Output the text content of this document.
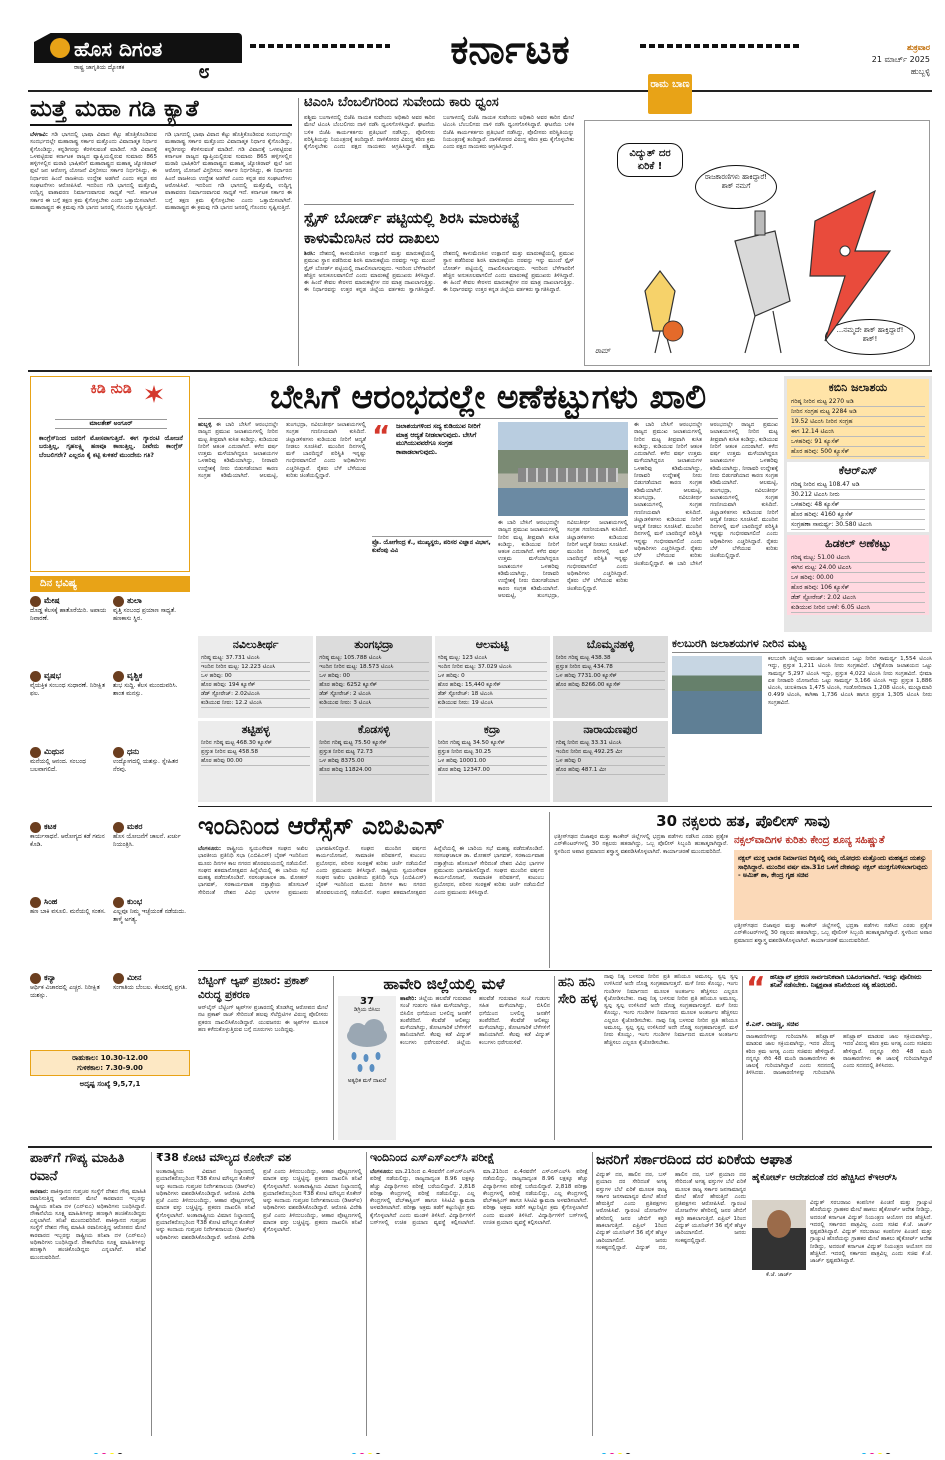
ಹೊಸ ದಿಗಂತ
ರಾಷ್ಟ್ರ ಜಾಗೃತಿಯ ದ್ಯೋತಕ	೮	ಕರ್ನಾಟಕ	ಶುಕ್ರವಾರ
21 ಮಾರ್ಚ್ 2025
ಹುಬ್ಬಳ್ಳಿ
ಮತ್ತೆ ಮಹಾ ಗಡಿ ಕ್ಯಾತೆ
ಬೆಳಗಾವಿ: ಗಡಿ ಭಾಗದಲ್ಲಿ ಭಾಷಾ ವಿವಾದ ಕೆಟ್ಟು ಹೊತ್ತಿಕೊಂಡಿರುವ ಸಂದರ್ಭದಲ್ಲೇ ಮಹಾರಾಷ್ಟ್ರ ಸರ್ಕಾರ ಮತ್ತೊಂದು ವಿವಾದಾತ್ಮಕ ನಿರ್ಧಾರ ಕೈಗೊಂಡಿದ್ದು, ಕನ್ನಡಿಗರನ್ನು ಕೆರಳಿಸುವಂತೆ ಮಾಡಿದೆ. ಗಡಿ ವಿವಾದಕ್ಕೆ ಒಳಪಟ್ಟಿರುವ ಕರ್ನಾಟಕ ರಾಜ್ಯದ ವ್ಯಾಪ್ತಿಯಲ್ಲಿರುವ ಸುಮಾರು 865 ಹಳ್ಳಿಗಳಲ್ಲಿನ ಮರಾಠಿ ಭಾಷಿಕರಿಗೆ ಮಹಾರಾಷ್ಟ್ರದ ಮಹಾತ್ಮ ಜ್ಯೋತಿರಾವ್ ಫುಲೆ ಜನ ಆರೋಗ್ಯ ಯೋಜನೆ ವಿಸ್ತರಿಸಲು ಸರ್ಕಾರ ನಿರ್ಧರಿಸಿದ್ದು, ಈ ನಿರ್ಧಾರದ ಹಿಂದೆ ರಾಜಕೀಯ ಉದ್ದೇಶ ಅಡಗಿದೆ ಎಂದು ಕನ್ನಡ ಪರ ಸಂಘಟನೆಗಳು ಆರೋಪಿಸಿವೆ. ಇದರಿಂದ ಗಡಿ ಭಾಗದಲ್ಲಿ ಮತ್ತೊಮ್ಮೆ ಉದ್ವಿಗ್ನ ವಾತಾವರಣ ನಿರ್ಮಾಣವಾಗುವ ಸಾಧ್ಯತೆ ಇದೆ. ಕರ್ನಾಟಕ ಸರ್ಕಾರ ಈ ಬಗ್ಗೆ ತಕ್ಷಣ ಕ್ರಮ ಕೈಗೊಳ್ಳಬೇಕು ಎಂದು ಒತ್ತಾಯಿಸಲಾಗಿದೆ. ಮಹಾರಾಷ್ಟ್ರದ ಈ ಕ್ರಮವು ಗಡಿ ಭಾಗದ ಜನರಲ್ಲಿ ಗೊಂದಲ ಸೃಷ್ಟಿಸುತ್ತಿದೆ. ಗಡಿ ಭಾಗದಲ್ಲಿ ಭಾಷಾ ವಿವಾದ ಕೆಟ್ಟು ಹೊತ್ತಿಕೊಂಡಿರುವ ಸಂದರ್ಭದಲ್ಲೇ ಮಹಾರಾಷ್ಟ್ರ ಸರ್ಕಾರ ಮತ್ತೊಂದು ವಿವಾದಾತ್ಮಕ ನಿರ್ಧಾರ ಕೈಗೊಂಡಿದ್ದು, ಕನ್ನಡಿಗರನ್ನು ಕೆರಳಿಸುವಂತೆ ಮಾಡಿದೆ. ಗಡಿ ವಿವಾದಕ್ಕೆ ಒಳಪಟ್ಟಿರುವ ಕರ್ನಾಟಕ ರಾಜ್ಯದ ವ್ಯಾಪ್ತಿಯಲ್ಲಿರುವ ಸುಮಾರು 865 ಹಳ್ಳಿಗಳಲ್ಲಿನ ಮರಾಠಿ ಭಾಷಿಕರಿಗೆ ಮಹಾರಾಷ್ಟ್ರದ ಮಹಾತ್ಮ ಜ್ಯೋತಿರಾವ್ ಫುಲೆ ಜನ ಆರೋಗ್ಯ ಯೋಜನೆ ವಿಸ್ತರಿಸಲು ಸರ್ಕಾರ ನಿರ್ಧರಿಸಿದ್ದು, ಈ ನಿರ್ಧಾರದ ಹಿಂದೆ ರಾಜಕೀಯ ಉದ್ದೇಶ ಅಡಗಿದೆ ಎಂದು ಕನ್ನಡ ಪರ ಸಂಘಟನೆಗಳು ಆರೋಪಿಸಿವೆ. ಇದರಿಂದ ಗಡಿ ಭಾಗದಲ್ಲಿ ಮತ್ತೊಮ್ಮೆ ಉದ್ವಿಗ್ನ ವಾತಾವರಣ ನಿರ್ಮಾಣವಾಗುವ ಸಾಧ್ಯತೆ ಇದೆ. ಕರ್ನಾಟಕ ಸರ್ಕಾರ ಈ ಬಗ್ಗೆ ತಕ್ಷಣ ಕ್ರಮ ಕೈಗೊಳ್ಳಬೇಕು ಎಂದು ಒತ್ತಾಯಿಸಲಾಗಿದೆ. ಮಹಾರಾಷ್ಟ್ರದ ಈ ಕ್ರಮವು ಗಡಿ ಭಾಗದ ಜನರಲ್ಲಿ ಗೊಂದಲ ಸೃಷ್ಟಿಸುತ್ತಿದೆ.
ಟಿಎಂಸಿ ಬೆಂಬಲಿಗರಿಂದ ಸುವೇಂದು ಕಾರು ಧ್ವಂಸ
ಪಶ್ಚಿಮ ಬಂಗಾಳದಲ್ಲಿ ಬಿಜೆಪಿ ನಾಯಕ ಸುವೇಂದು ಅಧಿಕಾರಿ ಅವರ ಕಾರಿನ ಮೇಲೆ ಟಿಎಂಸಿ ಬೆಂಬಲಿಗರು ದಾಳಿ ನಡೆಸಿ ಧ್ವಂಸಗೊಳಿಸಿದ್ದಾರೆ. ಘಟನೆಯ ಬಳಿಕ ಬಿಜೆಪಿ ಕಾರ್ಯಕರ್ತರು ಪ್ರತಿಭಟನೆ ನಡೆಸಿದ್ದು, ಪೊಲೀಸರು ಪರಿಸ್ಥಿತಿಯನ್ನು ನಿಯಂತ್ರಣಕ್ಕೆ ತಂದಿದ್ದಾರೆ. ದಾಳಿಕೋರರ ವಿರುದ್ಧ ಕಠಿಣ ಕ್ರಮ ಕೈಗೊಳ್ಳಬೇಕು ಎಂದು ಪಕ್ಷದ ನಾಯಕರು ಆಗ್ರಹಿಸಿದ್ದಾರೆ. ಪಶ್ಚಿಮ ಬಂಗಾಳದಲ್ಲಿ ಬಿಜೆಪಿ ನಾಯಕ ಸುವೇಂದು ಅಧಿಕಾರಿ ಅವರ ಕಾರಿನ ಮೇಲೆ ಟಿಎಂಸಿ ಬೆಂಬಲಿಗರು ದಾಳಿ ನಡೆಸಿ ಧ್ವಂಸಗೊಳಿಸಿದ್ದಾರೆ. ಘಟನೆಯ ಬಳಿಕ ಬಿಜೆಪಿ ಕಾರ್ಯಕರ್ತರು ಪ್ರತಿಭಟನೆ ನಡೆಸಿದ್ದು, ಪೊಲೀಸರು ಪರಿಸ್ಥಿತಿಯನ್ನು ನಿಯಂತ್ರಣಕ್ಕೆ ತಂದಿದ್ದಾರೆ. ದಾಳಿಕೋರರ ವಿರುದ್ಧ ಕಠಿಣ ಕ್ರಮ ಕೈಗೊಳ್ಳಬೇಕು ಎಂದು ಪಕ್ಷದ ನಾಯಕರು ಆಗ್ರಹಿಸಿದ್ದಾರೆ.
ಸ್ಪೈಸ್ ಬೋರ್ಡ್ ಪಟ್ಟಿಯಲ್ಲಿ ಶಿರಸಿ ಮಾರುಕಟ್ಟೆ ಕಾಳುಮೆಣಸಿನ ದರ ದಾಖಲು
ಶಿರಸಿ: ದೇಶದಲ್ಲಿ ಕಾಳುಮೆಣಸಿನ ಉತ್ಪಾದನೆ ಮತ್ತು ಮಾರುಕಟ್ಟೆಯಲ್ಲಿ ಪ್ರಮುಖ ಸ್ಥಾನ ಪಡೆದಿರುವ ಶಿರಸಿ ಮಾರುಕಟ್ಟೆಯ ದರವನ್ನು ಇನ್ನು ಮುಂದೆ ಸ್ಪೈಸ್ ಬೋರ್ಡ್ ಪಟ್ಟಿಯಲ್ಲಿ ದಾಖಲಿಸಲಾಗುವುದು. ಇದರಿಂದ ಬೆಳೆಗಾರರಿಗೆ ಹೆಚ್ಚಿನ ಅನುಕೂಲವಾಗಲಿದೆ ಎಂದು ಮಾರುಕಟ್ಟೆ ಪ್ರಮುಖರು ತಿಳಿಸಿದ್ದಾರೆ. ಈ ಹಿಂದೆ ಕೇವಲ ಕೇರಳದ ಮಾರುಕಟ್ಟೆಗಳ ದರ ಮಾತ್ರ ದಾಖಲಾಗುತ್ತಿತ್ತು. ಈ ನಿರ್ಧಾರವನ್ನು ಉತ್ತರ ಕನ್ನಡ ಜಿಲ್ಲೆಯ ವರ್ತಕರು ಸ್ವಾಗತಿಸಿದ್ದಾರೆ. ದೇಶದಲ್ಲಿ ಕಾಳುಮೆಣಸಿನ ಉತ್ಪಾದನೆ ಮತ್ತು ಮಾರುಕಟ್ಟೆಯಲ್ಲಿ ಪ್ರಮುಖ ಸ್ಥಾನ ಪಡೆದಿರುವ ಶಿರಸಿ ಮಾರುಕಟ್ಟೆಯ ದರವನ್ನು ಇನ್ನು ಮುಂದೆ ಸ್ಪೈಸ್ ಬೋರ್ಡ್ ಪಟ್ಟಿಯಲ್ಲಿ ದಾಖಲಿಸಲಾಗುವುದು. ಇದರಿಂದ ಬೆಳೆಗಾರರಿಗೆ ಹೆಚ್ಚಿನ ಅನುಕೂಲವಾಗಲಿದೆ ಎಂದು ಮಾರುಕಟ್ಟೆ ಪ್ರಮುಖರು ತಿಳಿಸಿದ್ದಾರೆ. ಈ ಹಿಂದೆ ಕೇವಲ ಕೇರಳದ ಮಾರುಕಟ್ಟೆಗಳ ದರ ಮಾತ್ರ ದಾಖಲಾಗುತ್ತಿತ್ತು. ಈ ನಿರ್ಧಾರವನ್ನು ಉತ್ತರ ಕನ್ನಡ ಜಿಲ್ಲೆಯ ವರ್ತಕರು ಸ್ವಾಗತಿಸಿದ್ದಾರೆ.
ರಾಮ ಬಾಣ
ವಿದ್ಯುತ್ ದರ ಏರಿಕೆ !
ರಾಜಕಾರಣಿಗಳು ಹಾಕಿದ್ದಾರೆ! ಶಾಕ್ ನಮಗೆ
...ನಮ್ಮದೇ ಶಾಕ್ ಹಾಕ್ತಿದ್ದಾರೆ! ಶಾಕ್!
ರಾಮ್
ಕಿಡಿ ನುಡಿ
ಮಾಲತೇಶ್ ಅಂಗೂರ್
ಕಾಂಗ್ರೆಸ್‌ನಿಂದ ಜನರಿಗೆ ಮೋಸವಾಗುತ್ತಿದೆ. ಈಗ ಗ್ಯಾರಂಟಿ ಯೋಜನೆ ಬರುತ್ತಿಲ್ಲ, ಗೃಹಲಕ್ಷ್ಮಿ ಹಣವೂ ಕಾಣುತ್ತಿಲ್ಲ. ನೀವೇನು ಕಾಂಗ್ರೆಸ್ ಬೆಂಬಲಿಗರೇ? ಎಲ್ಲರೂ ಕೈ ಕಟ್ಟಿ ಕುಳಿತರೆ ಮುಂದೇನು ಗತಿ?
ದಿನ ಭವಿಷ್ಯ
ಮೇಷ
ದೊಡ್ಡ ಕೆಲಸಕ್ಕೆ ಹಾತೊರೆಯಿರಿ. ಅಪಾಯ ನಿವಾರಣೆ.
ತುಲಾ
ವೃತ್ತಿ ಸಂಬಂಧ ಪ್ರಯಾಣ ಸಾಧ್ಯತೆ. ಹಣಕಾಸು ಸ್ಥಿರ.
ವೃಷಭ
ವೈಯಕ್ತಿಕ ಸಂಬಂಧ ಸುಧಾರಣೆ. ನಿರೀಕ್ಷಿತ ಫಲ.
ವೃಶ್ಚಿಕ
ಶುಭ ಸುದ್ದಿ. ಕೆಲಸ ಮುಂದುವರಿಸಿ. ಶಾಂತ ಮನಸ್ಸು.
ಮಿಥುನ
ಮನೆಯಲ್ಲಿ ಆನಂದ. ಸಂಬಂಧ ಬಲವಾಗಲಿದೆ.
ಧನು
ಉದ್ಯೋಗದಲ್ಲಿ ಯಶಸ್ಸು. ಸ್ನೇಹಿತರ ನೆರವು.
ಕಟಕ
ಕಾರ್ಯಸಾಧನೆ. ಆರೋಗ್ಯದ ಕಡೆ ಗಮನ ಕೊಡಿ.
ಮಕರ
ಹೊಸ ಯೋಜನೆಗೆ ಚಾಲನೆ. ಖರ್ಚು ನಿಯಂತ್ರಿಸಿ.
ಸಿಂಹ
ಹಣ ಬಾಕಿ ವಸೂಲಿ. ಮನೆಯಲ್ಲಿ ಸಂತಸ.
ಕುಂಭ
ಎಲ್ಲವೂ ನಿಮ್ಮ ಇಚ್ಛೆಯಂತೆ ನಡೆಯದು. ತಾಳ್ಮೆ ಅಗತ್ಯ.
ಕನ್ಯಾ
ಆರ್ಥಿಕ ವಿಚಾರದಲ್ಲಿ ಎಚ್ಚರ. ನಿರೀಕ್ಷಿತ ಯಶಸ್ಸು.
ಮೀನ
ಸಂಗಾತಿಯ ಬೆಂಬಲ. ಕೆಲಸದಲ್ಲಿ ಪ್ರಗತಿ.
ರಾಹುಕಾಲ: 10.30-12.00
ಗುಳಿಕಕಾಲ: 7.30-9.00
ಅದೃಷ್ಟ ಸಂಖ್ಯೆ 9,5,7,1
ಬೇಸಿಗೆ ಆರಂಭದಲ್ಲೇ ಅಣೆಕಟ್ಟುಗಳು ಖಾಲಿ
ಹುಬ್ಬಳ್ಳಿ ಈ ಬಾರಿ ಬೇಸಿಗೆ ಆರಂಭದಲ್ಲೇ ರಾಜ್ಯದ ಪ್ರಮುಖ ಜಲಾಶಯಗಳಲ್ಲಿ ನೀರಿನ ಮಟ್ಟ ತೀವ್ರವಾಗಿ ಕುಸಿತ ಕಂಡಿದ್ದು, ಕುಡಿಯುವ ನೀರಿಗೆ ಆತಂಕ ಎದುರಾಗಿದೆ. ಕಳೆದ ವರ್ಷ ಉತ್ತಮ ಮಳೆಯಾಗಿದ್ದರೂ ಜಲಾಶಯಗಳ ಒಳಹರಿವು ಕಡಿಮೆಯಾಗಿದ್ದು, ನೀರಾವರಿ ಉದ್ದೇಶಕ್ಕೆ ನೀರು ಬಿಡುಗಡೆಯಾದ ಕಾರಣ ಸಂಗ್ರಹ ಕಡಿಮೆಯಾಗಿದೆ. ಆಲಮಟ್ಟಿ, ತುಂಗಭದ್ರಾ, ನವಿಲುತೀರ್ಥ ಜಲಾಶಯಗಳಲ್ಲಿ ಸಂಗ್ರಹ ಗಣನೀಯವಾಗಿ ಕುಸಿದಿದೆ. ಜಿಲ್ಲಾಡಳಿತಗಳು ಕುಡಿಯುವ ನೀರಿಗೆ ಆದ್ಯತೆ ನೀಡಲು ಸೂಚಿಸಿವೆ. ಮುಂದಿನ ದಿನಗಳಲ್ಲಿ ಮಳೆ ಬಾರದಿದ್ದರೆ ಪರಿಸ್ಥಿತಿ ಇನ್ನಷ್ಟು ಗಂಭೀರವಾಗಲಿದೆ ಎಂದು ಅಧಿಕಾರಿಗಳು ಎಚ್ಚರಿಸಿದ್ದಾರೆ. ರೈತರು ಬೆಳೆ ಬೆಳೆಯುವ ಕುರಿತು ಚಿಂತೆಯಲ್ಲಿದ್ದಾರೆ.
“ ಜಲಾಶಯಗಳಿಂದ ಸದ್ಯ ಕುಡಿಯುವ ನೀರಿಗೆ ಮಾತ್ರ ಆದ್ಯತೆ ನೀಡಲಾಗುವುದು. ಬೇಸಿಗೆ ಮುಗಿಯುವವರೆಗೂ ಸಂಗ್ರಹ ಕಾಪಾಡಲಾಗುವುದು.
ಪ್ರೊ. ಯೋಗೇಂದ್ರ ಕೆ., ಮುಖ್ಯಸ್ಥರು, ಪರಿಸರ ವಿಜ್ಞಾನ ವಿಭಾಗ, ಕುವೆಂಪು ವಿವಿ
ಈ ಬಾರಿ ಬೇಸಿಗೆ ಆರಂಭದಲ್ಲೇ ರಾಜ್ಯದ ಪ್ರಮುಖ ಜಲಾಶಯಗಳಲ್ಲಿ ನೀರಿನ ಮಟ್ಟ ತೀವ್ರವಾಗಿ ಕುಸಿತ ಕಂಡಿದ್ದು, ಕುಡಿಯುವ ನೀರಿಗೆ ಆತಂಕ ಎದುರಾಗಿದೆ. ಕಳೆದ ವರ್ಷ ಉತ್ತಮ ಮಳೆಯಾಗಿದ್ದರೂ ಜಲಾಶಯಗಳ ಒಳಹರಿವು ಕಡಿಮೆಯಾಗಿದ್ದು, ನೀರಾವರಿ ಉದ್ದೇಶಕ್ಕೆ ನೀರು ಬಿಡುಗಡೆಯಾದ ಕಾರಣ ಸಂಗ್ರಹ ಕಡಿಮೆಯಾಗಿದೆ. ಆಲಮಟ್ಟಿ, ತುಂಗಭದ್ರಾ, ನವಿಲುತೀರ್ಥ ಜಲಾಶಯಗಳಲ್ಲಿ ಸಂಗ್ರಹ ಗಣನೀಯವಾಗಿ ಕುಸಿದಿದೆ. ಜಿಲ್ಲಾಡಳಿತಗಳು ಕುಡಿಯುವ ನೀರಿಗೆ ಆದ್ಯತೆ ನೀಡಲು ಸೂಚಿಸಿವೆ. ಮುಂದಿನ ದಿನಗಳಲ್ಲಿ ಮಳೆ ಬಾರದಿದ್ದರೆ ಪರಿಸ್ಥಿತಿ ಇನ್ನಷ್ಟು ಗಂಭೀರವಾಗಲಿದೆ ಎಂದು ಅಧಿಕಾರಿಗಳು ಎಚ್ಚರಿಸಿದ್ದಾರೆ. ರೈತರು ಬೆಳೆ ಬೆಳೆಯುವ ಕುರಿತು ಚಿಂತೆಯಲ್ಲಿದ್ದಾರೆ.
ಈ ಬಾರಿ ಬೇಸಿಗೆ ಆರಂಭದಲ್ಲೇ ರಾಜ್ಯದ ಪ್ರಮುಖ ಜಲಾಶಯಗಳಲ್ಲಿ ನೀರಿನ ಮಟ್ಟ ತೀವ್ರವಾಗಿ ಕುಸಿತ ಕಂಡಿದ್ದು, ಕುಡಿಯುವ ನೀರಿಗೆ ಆತಂಕ ಎದುರಾಗಿದೆ. ಕಳೆದ ವರ್ಷ ಉತ್ತಮ ಮಳೆಯಾಗಿದ್ದರೂ ಜಲಾಶಯಗಳ ಒಳಹರಿವು ಕಡಿಮೆಯಾಗಿದ್ದು, ನೀರಾವರಿ ಉದ್ದೇಶಕ್ಕೆ ನೀರು ಬಿಡುಗಡೆಯಾದ ಕಾರಣ ಸಂಗ್ರಹ ಕಡಿಮೆಯಾಗಿದೆ. ಆಲಮಟ್ಟಿ, ತುಂಗಭದ್ರಾ, ನವಿಲುತೀರ್ಥ ಜಲಾಶಯಗಳಲ್ಲಿ ಸಂಗ್ರಹ ಗಣನೀಯವಾಗಿ ಕುಸಿದಿದೆ. ಜಿಲ್ಲಾಡಳಿತಗಳು ಕುಡಿಯುವ ನೀರಿಗೆ ಆದ್ಯತೆ ನೀಡಲು ಸೂಚಿಸಿವೆ. ಮುಂದಿನ ದಿನಗಳಲ್ಲಿ ಮಳೆ ಬಾರದಿದ್ದರೆ ಪರಿಸ್ಥಿತಿ ಇನ್ನಷ್ಟು ಗಂಭೀರವಾಗಲಿದೆ ಎಂದು ಅಧಿಕಾರಿಗಳು ಎಚ್ಚರಿಸಿದ್ದಾರೆ. ರೈತರು ಬೆಳೆ ಬೆಳೆಯುವ ಕುರಿತು ಚಿಂತೆಯಲ್ಲಿದ್ದಾರೆ. ಈ ಬಾರಿ ಬೇಸಿಗೆ ಆರಂಭದಲ್ಲೇ ರಾಜ್ಯದ ಪ್ರಮುಖ ಜಲಾಶಯಗಳಲ್ಲಿ ನೀರಿನ ಮಟ್ಟ ತೀವ್ರವಾಗಿ ಕುಸಿತ ಕಂಡಿದ್ದು, ಕುಡಿಯುವ ನೀರಿಗೆ ಆತಂಕ ಎದುರಾಗಿದೆ. ಕಳೆದ ವರ್ಷ ಉತ್ತಮ ಮಳೆಯಾಗಿದ್ದರೂ ಜಲಾಶಯಗಳ ಒಳಹರಿವು ಕಡಿಮೆಯಾಗಿದ್ದು, ನೀರಾವರಿ ಉದ್ದೇಶಕ್ಕೆ ನೀರು ಬಿಡುಗಡೆಯಾದ ಕಾರಣ ಸಂಗ್ರಹ ಕಡಿಮೆಯಾಗಿದೆ. ಆಲಮಟ್ಟಿ, ತುಂಗಭದ್ರಾ, ನವಿಲುತೀರ್ಥ ಜಲಾಶಯಗಳಲ್ಲಿ ಸಂಗ್ರಹ ಗಣನೀಯವಾಗಿ ಕುಸಿದಿದೆ. ಜಿಲ್ಲಾಡಳಿತಗಳು ಕುಡಿಯುವ ನೀರಿಗೆ ಆದ್ಯತೆ ನೀಡಲು ಸೂಚಿಸಿವೆ. ಮುಂದಿನ ದಿನಗಳಲ್ಲಿ ಮಳೆ ಬಾರದಿದ್ದರೆ ಪರಿಸ್ಥಿತಿ ಇನ್ನಷ್ಟು ಗಂಭೀರವಾಗಲಿದೆ ಎಂದು ಅಧಿಕಾರಿಗಳು ಎಚ್ಚರಿಸಿದ್ದಾರೆ. ರೈತರು ಬೆಳೆ ಬೆಳೆಯುವ ಕುರಿತು ಚಿಂತೆಯಲ್ಲಿದ್ದಾರೆ.
ಕಬಿನಿ ಜಲಾಶಯ
ಗರಿಷ್ಠ ನೀರಿನ ಮಟ್ಟ 2270 ಅಡಿ
ನೀರಿನ ಸಂಗ್ರಹ ಮಟ್ಟ 2284 ಅಡಿ
19.52 ಟಿಎಂಸಿ ನೀರಿನ ಸಂಗ್ರಹ
ಈಗ 12.14 ಟಿಎಂಸಿ
ಒಳಹರಿವು: 91 ಕ್ಯೂಸೆಕ್
ಹೊರ ಹರಿವು: 500 ಕ್ಯೂಸೆಕ್
ಕೆಆರ್‌ಎಸ್
ಗರಿಷ್ಠ ನೀರಿನ ಮಟ್ಟ 108.47 ಅಡಿ
30.212 ಟಿಎಂಸಿ ನೀರು
ಒಳಹರಿವು: 48 ಕ್ಯೂಸೆಕ್
ಹೊರ ಹರಿವು: 4160 ಕ್ಯೂಸೆಕ್
ಸಂಗ್ರಹಣಾ ಸಾಮರ್ಥ್ಯ: 30.580 ಟಿಎಂಸಿ
ಹಿಡಕಲ್ ಅಣೆಕಟ್ಟು
ಗರಿಷ್ಠ ಮಟ್ಟ: 51.00 ಟಿಎಂಸಿ
ಈಗಿನ ಮಟ್ಟ: 24.00 ಟಿಎಂಸಿ
ಒಳ ಹರಿವು: 00.00
ಹೊರ ಹರಿವು: 106 ಕ್ಯೂಸೆಕ್
ಡೆಡ್ ಸ್ಟೋರೇಜ್: 2.02 ಟಿಎಂಸಿ
ಕುಡಿಯುವ ನೀರಿನ ಬಳಕೆ: 6.05 ಟಿಎಂಸಿ
ನವಿಲುತೀರ್ಥ
ಗರಿಷ್ಠ ಮಟ್ಟ: 37.731 ಟಿಎಂಸಿ
ಇಂದಿನ ನೀರಿನ ಮಟ್ಟ: 12.223 ಟಿಎಂಸಿ
ಒಳ ಹರಿವು: 00
ಹೊರ ಹರಿವು: 194 ಕ್ಯೂಸೆಕ್
ಡೆಡ್ ಸ್ಟೋರೇಜ್: 2.02ಟಿಎಂಸಿ
ಕುಡಿಯುವ ನೀರು: 12.2 ಟಿಎಂಸಿ
ತುಂಗಭದ್ರಾ
ಗರಿಷ್ಠ ಮಟ್ಟ: 105.788 ಟಿಎಂಸಿ
ಇಂದಿನ ನೀರಿನ ಮಟ್ಟ: 18.573 ಟಿಎಂಸಿ
ಒಳ ಹರಿವು: 00
ಹೊರ ಹರಿವು: 6252 ಕ್ಯೂಸೆಕ್
ಡೆಡ್ ಸ್ಟೋರೇಜ್: 2 ಟಿಎಂಸಿ
ಕುಡಿಯುವ ನೀರು: 3 ಟಿಎಂಸಿ
ಆಲಮಟ್ಟಿ
ಗರಿಷ್ಠ ಮಟ್ಟ: 123 ಟಿಎಂಸಿ
ಇಂದಿನ ನೀರಿನ ಮಟ್ಟ: 37.029 ಟಿಎಂಸಿ
ಒಳ ಹರಿವು: 0
ಹೊರ ಹರಿವು: 15,440 ಕ್ಯೂಸೆಕ್
ಡೆಡ್ ಸ್ಟೋರೇಜ್: 18 ಟಿಎಂಸಿ
ಕುಡಿಯುವ ನೀರು: 19 ಟಿಎಂಸಿ
ಬೊಮ್ಮನಹಳ್ಳಿ
ನೀರಿನ ಗರಿಷ್ಠ ಮಟ್ಟ 438.38
ಪ್ರಸ್ತುತ ನೀರಿನ ಮಟ್ಟ 434.78
ಒಳ ಹರಿವು 7731.00 ಕ್ಯೂಸೆಕ್
ಹೊರ ಹರಿವು 8266.00 ಕ್ಯೂಸೆಕ್
ತಟ್ಟಿಹಳ್ಳ
ನೀರಿನ ಗರಿಷ್ಠ ಮಟ್ಟ 468.30 ಕ್ಯೂಸೆಕ್
ಪ್ರಸ್ತುತ ನೀರಿನ ಮಟ್ಟ 458.58
ಹೊರ ಹರಿವು 00.00
ಕೊಡಸಳ್ಳಿ
ನೀರಿನ ಗರಿಷ್ಠ ಮಟ್ಟ 75.50 ಕ್ಯೂಸೆಕ್
ಪ್ರಸ್ತುತ ನೀರಿನ ಮಟ್ಟ 72.73
ಒಳ ಹರಿವು 8375.00
ಹೊರ ಹರಿವು 11824.00
ಕದ್ರಾ
ನೀರಿನ ಗರಿಷ್ಠ ಮಟ್ಟ 34.50 ಕ್ಯೂಸೆಕ್
ಪ್ರಸ್ತುತ ನೀರಿನ ಮಟ್ಟ 30.25
ಒಳ ಹರಿವು 10001.00
ಹೊರ ಹರಿವು 12347.00
ನಾರಾಯಣಪುರ
ಗರಿಷ್ಠ ನೀರಿನ ಮಟ್ಟ 33.31 ಟಿಎಂಸಿ
ಇಂದಿನ ನೀರಿನ ಮಟ್ಟ 492.25 ಮೀ
ಒಳ ಹರಿವು 0
ಹೊರ ಹರಿವು 487.1 ಮೀ
ಕಲಬುರಗಿ ಜಲಾಶಯಗಳ ನೀರಿನ ಮಟ್ಟ
ಕಲಬುರಗಿ ಜಿಲ್ಲೆಯ ಅಮರ್ಜಾ ಜಲಾಶಯದ ಒಟ್ಟು ನೀರಿನ ಸಾಮರ್ಥ್ಯ 1,554 ಟಿಎಂಸಿ ಇದ್ದು, ಪ್ರಸ್ತುತ 1,211 ಟಿಎಂಸಿ ನೀರು ಸಂಗ್ರಹವಿದೆ. ಬೆಣ್ಣೆತೊರಾ ಜಲಾಶಯದ ಒಟ್ಟು ಸಾಮರ್ಥ್ಯ 5,297 ಟಿಎಂಸಿ ಇದ್ದು, ಪ್ರಸ್ತುತ 4,022 ಟಿಎಂಸಿ ನೀರು ಸಂಗ್ರಹವಿದೆ. ಭೀಮಾ ಏತ ನೀರಾವರಿ ಯೋಜನೆಯ ಒಟ್ಟು ಸಾಮರ್ಥ್ಯ 3,166 ಟಿಎಂಸಿ ಇದ್ದು ಪ್ರಸ್ತುತ 1,886 ಟಿಎಂಸಿ, ಚುಲಕಿನಾಲಾ 1,475 ಟಿಎಂಸಿ, ಗಂಡೋರಿನಾಲಾ 1,208 ಟಿಎಂಸಿ, ಮುಲ್ಲಾಮಾರಿ 0.499 ಟಿಎಂಸಿ, ಕಾಗಿಣಾ 1,736 ಟಿಎಂಸಿ ಹಾಗೂ ಪ್ರಸ್ತುತ 1,305 ಟಿಎಂಸಿ ನೀರು ಸಂಗ್ರಹವಿದೆ.
ಇಂದಿನಿಂದ ಆರೆಸ್ಸೆಸ್ ಎಬಿಪಿಎಸ್
ಬೆಂಗಳೂರು: ರಾಷ್ಟ್ರೀಯ ಸ್ವಯಂಸೇವಕ ಸಂಘದ ಅಖಿಲ ಭಾರತೀಯ ಪ್ರತಿನಿಧಿ ಸಭಾ (ಎಬಿಪಿಎಸ್) ಬೈಠಕ್ ಇಂದಿನಿಂದ ಮೂರು ದಿನಗಳ ಕಾಲ ನಗರದ ಹೊರವಲಯದಲ್ಲಿ ನಡೆಯಲಿದೆ. ಸಂಘದ ಶತಮಾನೋತ್ಸವದ ಹಿನ್ನೆಲೆಯಲ್ಲಿ ಈ ಬಾರಿಯ ಸಭೆ ಮಹತ್ವ ಪಡೆದುಕೊಂಡಿದೆ. ಸರಸಂಘಚಾಲಕ ಡಾ. ಮೋಹನ್ ಭಾಗವತ್, ಸರಕಾರ್ಯವಾಹ ದತ್ತಾತ್ರೇಯ ಹೊಸಬಾಳೆ ಸೇರಿದಂತೆ ದೇಶದ ವಿವಿಧ ಭಾಗಗಳ ಪ್ರಮುಖರು ಭಾಗವಹಿಸಲಿದ್ದಾರೆ. ಸಂಘದ ಮುಂದಿನ ವರ್ಷದ ಕಾರ್ಯಯೋಜನೆ, ಸಾಮಾಜಿಕ ಪರಿವರ್ತನೆ, ಕುಟುಂಬ ಪ್ರಬೋಧನ, ಪರಿಸರ ಸಂರಕ್ಷಣೆ ಕುರಿತು ಚರ್ಚೆ ನಡೆಯಲಿದೆ ಎಂದು ಪ್ರಮುಖರು ತಿಳಿಸಿದ್ದಾರೆ. ರಾಷ್ಟ್ರೀಯ ಸ್ವಯಂಸೇವಕ ಸಂಘದ ಅಖಿಲ ಭಾರತೀಯ ಪ್ರತಿನಿಧಿ ಸಭಾ (ಎಬಿಪಿಎಸ್) ಬೈಠಕ್ ಇಂದಿನಿಂದ ಮೂರು ದಿನಗಳ ಕಾಲ ನಗರದ ಹೊರವಲಯದಲ್ಲಿ ನಡೆಯಲಿದೆ. ಸಂಘದ ಶತಮಾನೋತ್ಸವದ ಹಿನ್ನೆಲೆಯಲ್ಲಿ ಈ ಬಾರಿಯ ಸಭೆ ಮಹತ್ವ ಪಡೆದುಕೊಂಡಿದೆ. ಸರಸಂಘಚಾಲಕ ಡಾ. ಮೋಹನ್ ಭಾಗವತ್, ಸರಕಾರ್ಯವಾಹ ದತ್ತಾತ್ರೇಯ ಹೊಸಬಾಳೆ ಸೇರಿದಂತೆ ದೇಶದ ವಿವಿಧ ಭಾಗಗಳ ಪ್ರಮುಖರು ಭಾಗವಹಿಸಲಿದ್ದಾರೆ. ಸಂಘದ ಮುಂದಿನ ವರ್ಷದ ಕಾರ್ಯಯೋಜನೆ, ಸಾಮಾಜಿಕ ಪರಿವರ್ತನೆ, ಕುಟುಂಬ ಪ್ರಬೋಧನ, ಪರಿಸರ ಸಂರಕ್ಷಣೆ ಕುರಿತು ಚರ್ಚೆ ನಡೆಯಲಿದೆ ಎಂದು ಪ್ರಮುಖರು ತಿಳಿಸಿದ್ದಾರೆ.
30 ನಕ್ಸಲರು ಹತ, ಪೊಲೀಸ್ ಸಾವು
ಛತ್ತೀಸ್‌ಗಢದ ಬಿಜಾಪುರ ಮತ್ತು ಕಾಂಕೇರ್ ಜಿಲ್ಲೆಗಳಲ್ಲಿ ಭದ್ರತಾ ಪಡೆಗಳು ನಡೆಸಿದ ಎರಡು ಪ್ರತ್ಯೇಕ ಎನ್‌ಕೌಂಟರ್‌ಗಳಲ್ಲಿ 30 ನಕ್ಸಲರು ಹತರಾಗಿದ್ದು, ಒಬ್ಬ ಪೊಲೀಸ್ ಸಿಬ್ಬಂದಿ ಹುತಾತ್ಮರಾಗಿದ್ದಾರೆ. ಸ್ಥಳದಿಂದ ಅಪಾರ ಪ್ರಮಾಣದ ಶಸ್ತ್ರಾಸ್ತ್ರ ವಶಪಡಿಸಿಕೊಳ್ಳಲಾಗಿದೆ. ಕಾರ್ಯಾಚರಣೆ ಮುಂದುವರಿದಿದೆ.
ನಕ್ಸಲ್‌ವಾದಿಗಳ ಕುರಿತು ಕೇಂದ್ರ ಶೂನ್ಯ ಸಹಿಷ್ಣುತೆ
ನಕ್ಸಲ್ ಮುಕ್ತ ಭಾರತ ನಿರ್ಮಾಣದ ದಿಕ್ಕಿನಲ್ಲಿ ನಮ್ಮ ಯೋಧರು ಮತ್ತೊಂದು ಮಹತ್ವದ ಯಶಸ್ಸು ಸಾಧಿಸಿದ್ದಾರೆ. ಮುಂದಿನ ವರ್ಷ ಮಾ.31ರ ಒಳಗೆ ದೇಶವನ್ನು ನಕ್ಸಲ್ ಮುಕ್ತಗೊಳಿಸಲಾಗುವುದು - ಅಮಿತ್ ಶಾ, ಕೇಂದ್ರ ಗೃಹ ಸಚಿವ
ಛತ್ತೀಸ್‌ಗಢದ ಬಿಜಾಪುರ ಮತ್ತು ಕಾಂಕೇರ್ ಜಿಲ್ಲೆಗಳಲ್ಲಿ ಭದ್ರತಾ ಪಡೆಗಳು ನಡೆಸಿದ ಎರಡು ಪ್ರತ್ಯೇಕ ಎನ್‌ಕೌಂಟರ್‌ಗಳಲ್ಲಿ 30 ನಕ್ಸಲರು ಹತರಾಗಿದ್ದು, ಒಬ್ಬ ಪೊಲೀಸ್ ಸಿಬ್ಬಂದಿ ಹುತಾತ್ಮರಾಗಿದ್ದಾರೆ. ಸ್ಥಳದಿಂದ ಅಪಾರ ಪ್ರಮಾಣದ ಶಸ್ತ್ರಾಸ್ತ್ರ ವಶಪಡಿಸಿಕೊಳ್ಳಲಾಗಿದೆ. ಕಾರ್ಯಾಚರಣೆ ಮುಂದುವರಿದಿದೆ.
ಬೆಟ್ಟಿಂಗ್ ಆ್ಯಪ್ ಪ್ರಚಾರ: ಪ್ರಕಾಶ್ ವಿರುದ್ಧ ಪ್ರಕರಣ
ಆನ್‌ಲೈನ್ ಬೆಟ್ಟಿಂಗ್ ಆ್ಯಪ್‌ಗಳ ಪ್ರಚಾರದಲ್ಲಿ ತೊಡಗಿದ್ದ ಆರೋಪದ ಮೇಲೆ ನಟ ಪ್ರಕಾಶ್ ರಾಜ್ ಸೇರಿದಂತೆ ಹಲವು ಸೆಲೆಬ್ರಿಟಿಗಳ ವಿರುದ್ಧ ಪೊಲೀಸರು ಪ್ರಕರಣ ದಾಖಲಿಸಿಕೊಂಡಿದ್ದಾರೆ. ಯುವಜನರು ಈ ಆ್ಯಪ್‌ಗಳ ಮೂಲಕ ಹಣ ಕಳೆದುಕೊಳ್ಳುತ್ತಿರುವ ಬಗ್ಗೆ ದೂರುಗಳು ಬಂದಿದ್ದವು.
ಹಾವೇರಿ ಜಿಲ್ಲೆಯಲ್ಲಿ ಮಳೆ
37
ಡಿಗ್ರಿಯ ಬಿಸಿಲು
ಅತ್ಯಧಿಕ ಮಳೆ ದಾಖಲೆ
ಹಾವೇರಿ: ಜಿಲ್ಲೆಯ ಹಲವೆಡೆ ಗುರುವಾರ ಸಂಜೆ ಗುಡುಗು ಸಹಿತ ಮಳೆಯಾಗಿದ್ದು, ಬಿಸಿಲಿನ ಧಗೆಯಿಂದ ಬಳಲಿದ್ದ ಜನತೆಗೆ ತಂಪೆರೆದಿದೆ. ಕೆಲವೆಡೆ ಆಲಿಕಲ್ಲು ಮಳೆಯಾಗಿದ್ದು, ತೋಟಗಾರಿಕೆ ಬೆಳೆಗಳಿಗೆ ಹಾನಿಯಾಗಿದೆ. ಕೆಲವು ಕಡೆ ವಿದ್ಯುತ್ ಕಂಬಗಳು ಧರೆಗುರುಳಿವೆ. ಜಿಲ್ಲೆಯ ಹಲವೆಡೆ ಗುರುವಾರ ಸಂಜೆ ಗುಡುಗು ಸಹಿತ ಮಳೆಯಾಗಿದ್ದು, ಬಿಸಿಲಿನ ಧಗೆಯಿಂದ ಬಳಲಿದ್ದ ಜನತೆಗೆ ತಂಪೆರೆದಿದೆ. ಕೆಲವೆಡೆ ಆಲಿಕಲ್ಲು ಮಳೆಯಾಗಿದ್ದು, ತೋಟಗಾರಿಕೆ ಬೆಳೆಗಳಿಗೆ ಹಾನಿಯಾಗಿದೆ. ಕೆಲವು ಕಡೆ ವಿದ್ಯುತ್ ಕಂಬಗಳು ಧರೆಗುರುಳಿವೆ.
ಹನಿ ಹನಿ ಸೇರಿ ಹಳ್ಳ
ನಾವು ನಿತ್ಯ ಬಳಸುವ ನೀರಿನ ಪ್ರತಿ ಹನಿಯೂ ಅಮೂಲ್ಯ. ಸ್ವಲ್ಪ ಸ್ವಲ್ಪ ಉಳಿಸಿದರೆ ಅದೇ ದೊಡ್ಡ ಸಂಗ್ರಹವಾಗುತ್ತದೆ. ಮಳೆ ನೀರು ಕೊಯ್ಲು, ಇಂಗು ಗುಂಡಿಗಳ ನಿರ್ಮಾಣದ ಮೂಲಕ ಅಂತರ್ಜಲ ಹೆಚ್ಚಿಸಲು ಎಲ್ಲರೂ ಕೈಜೋಡಿಸಬೇಕು. ನಾವು ನಿತ್ಯ ಬಳಸುವ ನೀರಿನ ಪ್ರತಿ ಹನಿಯೂ ಅಮೂಲ್ಯ. ಸ್ವಲ್ಪ ಸ್ವಲ್ಪ ಉಳಿಸಿದರೆ ಅದೇ ದೊಡ್ಡ ಸಂಗ್ರಹವಾಗುತ್ತದೆ. ಮಳೆ ನೀರು ಕೊಯ್ಲು, ಇಂಗು ಗುಂಡಿಗಳ ನಿರ್ಮಾಣದ ಮೂಲಕ ಅಂತರ್ಜಲ ಹೆಚ್ಚಿಸಲು ಎಲ್ಲರೂ ಕೈಜೋಡಿಸಬೇಕು. ನಾವು ನಿತ್ಯ ಬಳಸುವ ನೀರಿನ ಪ್ರತಿ ಹನಿಯೂ ಅಮೂಲ್ಯ. ಸ್ವಲ್ಪ ಸ್ವಲ್ಪ ಉಳಿಸಿದರೆ ಅದೇ ದೊಡ್ಡ ಸಂಗ್ರಹವಾಗುತ್ತದೆ. ಮಳೆ ನೀರು ಕೊಯ್ಲು, ಇಂಗು ಗುಂಡಿಗಳ ನಿರ್ಮಾಣದ ಮೂಲಕ ಅಂತರ್ಜಲ ಹೆಚ್ಚಿಸಲು ಎಲ್ಲರೂ ಕೈಜೋಡಿಸಬೇಕು.
“ ಹನಿಟ್ರ್ಯಾಪ್ ಪ್ರಕರಣ ಸಾರ್ವಜನಿಕವಾಗಿ ಬಹಿರಂಗವಾಗಿದೆ. ಇದನ್ನು ಪೊಲೀಸರು ತನಿಖೆ ನಡೆಸಬೇಕು. ನಿಷ್ಪಕ್ಷಪಾತ ತನಿಖೆಯಿಂದ ಸತ್ಯ ಹೊರಬರಲಿ.
ಕೆ.ಎನ್. ರಾಜಣ್ಣ, ಸಚಿವ
ರಾಜಕಾರಣಿಗಳನ್ನು ಗುರಿಯಾಗಿಸಿ ಹನಿಟ್ರ್ಯಾಪ್ ಮಾಡುವ ಜಾಲ ಸಕ್ರಿಯವಾಗಿದ್ದು, ಇದರ ವಿರುದ್ಧ ಕಠಿಣ ಕ್ರಮ ಅಗತ್ಯ ಎಂದು ಸಚಿವರು ಹೇಳಿದ್ದಾರೆ. ನನ್ನನ್ನೂ ಸೇರಿ 48 ಮಂದಿ ರಾಜಕಾರಣಿಗಳು ಈ ಜಾಲಕ್ಕೆ ಗುರಿಯಾಗಿದ್ದಾರೆ ಎಂದು ಸದನದಲ್ಲಿ ತಿಳಿಸಿದರು. ರಾಜಕಾರಣಿಗಳನ್ನು ಗುರಿಯಾಗಿಸಿ ಹನಿಟ್ರ್ಯಾಪ್ ಮಾಡುವ ಜಾಲ ಸಕ್ರಿಯವಾಗಿದ್ದು, ಇದರ ವಿರುದ್ಧ ಕಠಿಣ ಕ್ರಮ ಅಗತ್ಯ ಎಂದು ಸಚಿವರು ಹೇಳಿದ್ದಾರೆ. ನನ್ನನ್ನೂ ಸೇರಿ 48 ಮಂದಿ ರಾಜಕಾರಣಿಗಳು ಈ ಜಾಲಕ್ಕೆ ಗುರಿಯಾಗಿದ್ದಾರೆ ಎಂದು ಸದನದಲ್ಲಿ ತಿಳಿಸಿದರು.
ಪಾಕ್‌ಗೆ ಗೌಪ್ಯ ಮಾಹಿತಿ ರವಾನೆ
ಕಾರವಾರ: ಪಾಕಿಸ್ತಾನದ ಗುಪ್ತಚರ ಸಂಸ್ಥೆಗೆ ದೇಶದ ಗೌಪ್ಯ ಮಾಹಿತಿ ರವಾನಿಸುತ್ತಿದ್ದ ಆರೋಪದ ಮೇಲೆ ಕಾರವಾರದ ಇಬ್ಬರನ್ನು ರಾಷ್ಟ್ರೀಯ ತನಿಖಾ ದಳ (ಎನ್‌ಐಎ) ಅಧಿಕಾರಿಗಳು ಬಂಧಿಸಿದ್ದಾರೆ. ನೌಕಾನೆಲೆಯ ಸೂಕ್ಷ್ಮ ಮಾಹಿತಿಗಳನ್ನು ಹಣಕ್ಕಾಗಿ ಹಂಚಿಕೊಂಡಿದ್ದರು ಎನ್ನಲಾಗಿದೆ. ತನಿಖೆ ಮುಂದುವರಿದಿದೆ. ಪಾಕಿಸ್ತಾನದ ಗುಪ್ತಚರ ಸಂಸ್ಥೆಗೆ ದೇಶದ ಗೌಪ್ಯ ಮಾಹಿತಿ ರವಾನಿಸುತ್ತಿದ್ದ ಆರೋಪದ ಮೇಲೆ ಕಾರವಾರದ ಇಬ್ಬರನ್ನು ರಾಷ್ಟ್ರೀಯ ತನಿಖಾ ದಳ (ಎನ್‌ಐಎ) ಅಧಿಕಾರಿಗಳು ಬಂಧಿಸಿದ್ದಾರೆ. ನೌಕಾನೆಲೆಯ ಸೂಕ್ಷ್ಮ ಮಾಹಿತಿಗಳನ್ನು ಹಣಕ್ಕಾಗಿ ಹಂಚಿಕೊಂಡಿದ್ದರು ಎನ್ನಲಾಗಿದೆ. ತನಿಖೆ ಮುಂದುವರಿದಿದೆ.
₹38 ಕೋಟಿ ಮೌಲ್ಯದ ಕೊಕೇನ್ ವಶ
ಅಂತಾರಾಷ್ಟ್ರೀಯ ವಿಮಾನ ನಿಲ್ದಾಣದಲ್ಲಿ ಪ್ರಯಾಣಿಕರೊಬ್ಬರಿಂದ ₹38 ಕೋಟಿ ಮೌಲ್ಯದ ಕೊಕೇನ್ ಅನ್ನು ಕಂದಾಯ ಗುಪ್ತಚರ ನಿರ್ದೇಶನಾಲಯ (ಡಿಆರ್‌ಐ) ಅಧಿಕಾರಿಗಳು ವಶಪಡಿಸಿಕೊಂಡಿದ್ದಾರೆ. ಆರೋಪಿ ವಿದೇಶಿ ಪ್ರಜೆ ಎಂದು ತಿಳಿದುಬಂದಿದ್ದು, ಆಹಾರ ಪೊಟ್ಟಣಗಳಲ್ಲಿ ಮಾದಕ ವಸ್ತು ಬಚ್ಚಿಟ್ಟಿದ್ದ. ಪ್ರಕರಣ ದಾಖಲಿಸಿ ತನಿಖೆ ಕೈಗೊಳ್ಳಲಾಗಿದೆ. ಅಂತಾರಾಷ್ಟ್ರೀಯ ವಿಮಾನ ನಿಲ್ದಾಣದಲ್ಲಿ ಪ್ರಯಾಣಿಕರೊಬ್ಬರಿಂದ ₹38 ಕೋಟಿ ಮೌಲ್ಯದ ಕೊಕೇನ್ ಅನ್ನು ಕಂದಾಯ ಗುಪ್ತಚರ ನಿರ್ದೇಶನಾಲಯ (ಡಿಆರ್‌ಐ) ಅಧಿಕಾರಿಗಳು ವಶಪಡಿಸಿಕೊಂಡಿದ್ದಾರೆ. ಆರೋಪಿ ವಿದೇಶಿ ಪ್ರಜೆ ಎಂದು ತಿಳಿದುಬಂದಿದ್ದು, ಆಹಾರ ಪೊಟ್ಟಣಗಳಲ್ಲಿ ಮಾದಕ ವಸ್ತು ಬಚ್ಚಿಟ್ಟಿದ್ದ. ಪ್ರಕರಣ ದಾಖಲಿಸಿ ತನಿಖೆ ಕೈಗೊಳ್ಳಲಾಗಿದೆ. ಅಂತಾರಾಷ್ಟ್ರೀಯ ವಿಮಾನ ನಿಲ್ದಾಣದಲ್ಲಿ ಪ್ರಯಾಣಿಕರೊಬ್ಬರಿಂದ ₹38 ಕೋಟಿ ಮೌಲ್ಯದ ಕೊಕೇನ್ ಅನ್ನು ಕಂದಾಯ ಗುಪ್ತಚರ ನಿರ್ದೇಶನಾಲಯ (ಡಿಆರ್‌ಐ) ಅಧಿಕಾರಿಗಳು ವಶಪಡಿಸಿಕೊಂಡಿದ್ದಾರೆ. ಆರೋಪಿ ವಿದೇಶಿ ಪ್ರಜೆ ಎಂದು ತಿಳಿದುಬಂದಿದ್ದು, ಆಹಾರ ಪೊಟ್ಟಣಗಳಲ್ಲಿ ಮಾದಕ ವಸ್ತು ಬಚ್ಚಿಟ್ಟಿದ್ದ. ಪ್ರಕರಣ ದಾಖಲಿಸಿ ತನಿಖೆ ಕೈಗೊಳ್ಳಲಾಗಿದೆ.
ಇಂದಿನಿಂದ ಎಸ್‌ಎಸ್‌ಎಲ್‌ಸಿ ಪರೀಕ್ಷೆ
ಬೆಂಗಳೂರು: ಮಾ.21ರಿಂದ ಏ.4ರವರೆಗೆ ಎಸ್‌ಎಸ್‌ಎಲ್‌ಸಿ ಪರೀಕ್ಷೆ ನಡೆಯಲಿದ್ದು, ರಾಜ್ಯದಾದ್ಯಂತ 8.96 ಲಕ್ಷಕ್ಕೂ ಹೆಚ್ಚು ವಿದ್ಯಾರ್ಥಿಗಳು ಪರೀಕ್ಷೆ ಬರೆಯಲಿದ್ದಾರೆ. 2,818 ಪರೀಕ್ಷಾ ಕೇಂದ್ರಗಳಲ್ಲಿ ಪರೀಕ್ಷೆ ನಡೆಯಲಿದ್ದು, ಎಲ್ಲ ಕೇಂದ್ರಗಳಲ್ಲಿ ವೆಬ್‌ಕಾಸ್ಟಿಂಗ್ ಹಾಗೂ ಸಿಸಿಟಿವಿ ಕ್ಯಾಮರಾ ಅಳವಡಿಸಲಾಗಿದೆ. ಪರೀಕ್ಷಾ ಅಕ್ರಮ ತಡೆಗೆ ಕಟ್ಟುನಿಟ್ಟಿನ ಕ್ರಮ ಕೈಗೊಳ್ಳಲಾಗಿದೆ ಎಂದು ಮಂಡಳಿ ತಿಳಿಸಿದೆ. ವಿದ್ಯಾರ್ಥಿಗಳಿಗೆ ಬಸ್‌ಗಳಲ್ಲಿ ಉಚಿತ ಪ್ರಯಾಣ ವ್ಯವಸ್ಥೆ ಕಲ್ಪಿಸಲಾಗಿದೆ. ಮಾ.21ರಿಂದ ಏ.4ರವರೆಗೆ ಎಸ್‌ಎಸ್‌ಎಲ್‌ಸಿ ಪರೀಕ್ಷೆ ನಡೆಯಲಿದ್ದು, ರಾಜ್ಯದಾದ್ಯಂತ 8.96 ಲಕ್ಷಕ್ಕೂ ಹೆಚ್ಚು ವಿದ್ಯಾರ್ಥಿಗಳು ಪರೀಕ್ಷೆ ಬರೆಯಲಿದ್ದಾರೆ. 2,818 ಪರೀಕ್ಷಾ ಕೇಂದ್ರಗಳಲ್ಲಿ ಪರೀಕ್ಷೆ ನಡೆಯಲಿದ್ದು, ಎಲ್ಲ ಕೇಂದ್ರಗಳಲ್ಲಿ ವೆಬ್‌ಕಾಸ್ಟಿಂಗ್ ಹಾಗೂ ಸಿಸಿಟಿವಿ ಕ್ಯಾಮರಾ ಅಳವಡಿಸಲಾಗಿದೆ. ಪರೀಕ್ಷಾ ಅಕ್ರಮ ತಡೆಗೆ ಕಟ್ಟುನಿಟ್ಟಿನ ಕ್ರಮ ಕೈಗೊಳ್ಳಲಾಗಿದೆ ಎಂದು ಮಂಡಳಿ ತಿಳಿಸಿದೆ. ವಿದ್ಯಾರ್ಥಿಗಳಿಗೆ ಬಸ್‌ಗಳಲ್ಲಿ ಉಚಿತ ಪ್ರಯಾಣ ವ್ಯವಸ್ಥೆ ಕಲ್ಪಿಸಲಾಗಿದೆ.
ಜನರಿಗೆ ಸರ್ಕಾರದಿಂದ ದರ ಏರಿಕೆಯ ಆಘಾತ
ವಿದ್ಯುತ್ ದರ, ಹಾಲಿನ ದರ, ಬಸ್ ಪ್ರಯಾಣ ದರ ಸೇರಿದಂತೆ ಅಗತ್ಯ ವಸ್ತುಗಳ ಬೆಲೆ ಏರಿಕೆ ಮೂಲಕ ರಾಜ್ಯ ಸರ್ಕಾರ ಜನಸಾಮಾನ್ಯರ ಮೇಲೆ ಹೊರೆ ಹೇರುತ್ತಿದೆ ಎಂದು ಪ್ರತಿಪಕ್ಷಗಳು ಆರೋಪಿಸಿವೆ. ಗ್ಯಾರಂಟಿ ಯೋಜನೆಗಳ ಹೆಸರಿನಲ್ಲಿ ಜನರ ಜೇಬಿಗೆ ಕತ್ತರಿ ಹಾಕಲಾಗುತ್ತಿದೆ. ಏಪ್ರಿಲ್ 1ರಿಂದ ವಿದ್ಯುತ್ ಯೂನಿಟ್‌ಗೆ 36 ಪೈಸೆ ಹೆಚ್ಚಳ ಜಾರಿಯಾಗಲಿದೆ. ಜನರು ಸಂಕಷ್ಟದಲ್ಲಿದ್ದಾರೆ. ವಿದ್ಯುತ್ ದರ, ಹಾಲಿನ ದರ, ಬಸ್ ಪ್ರಯಾಣ ದರ ಸೇರಿದಂತೆ ಅಗತ್ಯ ವಸ್ತುಗಳ ಬೆಲೆ ಏರಿಕೆ ಮೂಲಕ ರಾಜ್ಯ ಸರ್ಕಾರ ಜನಸಾಮಾನ್ಯರ ಮೇಲೆ ಹೊರೆ ಹೇರುತ್ತಿದೆ ಎಂದು ಪ್ರತಿಪಕ್ಷಗಳು ಆರೋಪಿಸಿವೆ. ಗ್ಯಾರಂಟಿ ಯೋಜನೆಗಳ ಹೆಸರಿನಲ್ಲಿ ಜನರ ಜೇಬಿಗೆ ಕತ್ತರಿ ಹಾಕಲಾಗುತ್ತಿದೆ. ಏಪ್ರಿಲ್ 1ರಿಂದ ವಿದ್ಯುತ್ ಯೂನಿಟ್‌ಗೆ 36 ಪೈಸೆ ಹೆಚ್ಚಳ ಜಾರಿಯಾಗಲಿದೆ. ಜನರು ಸಂಕಷ್ಟದಲ್ಲಿದ್ದಾರೆ.
ಹೈಕೋರ್ಟ್ ಆದೇಶದಂತೆ ದರ ಹೆಚ್ಚಿಸಿದ ಕೆಇಆರ್‌ಸಿ
ಕೆ.ಜೆ. ಜಾರ್ಜ್
ವಿದ್ಯುತ್ ಸರಬರಾಜು ಕಂಪನಿಗಳ ಪಿಂಚಣಿ ಮತ್ತು ಗ್ರಾಚ್ಯುಟಿ ಹೊರೆಯನ್ನು ಗ್ರಾಹಕರ ಮೇಲೆ ಹಾಕಲು ಹೈಕೋರ್ಟ್ ಆದೇಶ ನೀಡಿದ್ದು, ಅದರಂತೆ ಕರ್ನಾಟಕ ವಿದ್ಯುತ್ ನಿಯಂತ್ರಣ ಆಯೋಗ ದರ ಹೆಚ್ಚಿಸಿದೆ. ಇದರಲ್ಲಿ ಸರ್ಕಾರದ ಪಾತ್ರವಿಲ್ಲ ಎಂದು ಸಚಿವ ಕೆ.ಜೆ. ಜಾರ್ಜ್ ಸ್ಪಷ್ಟಪಡಿಸಿದ್ದಾರೆ. ವಿದ್ಯುತ್ ಸರಬರಾಜು ಕಂಪನಿಗಳ ಪಿಂಚಣಿ ಮತ್ತು ಗ್ರಾಚ್ಯುಟಿ ಹೊರೆಯನ್ನು ಗ್ರಾಹಕರ ಮೇಲೆ ಹಾಕಲು ಹೈಕೋರ್ಟ್ ಆದೇಶ ನೀಡಿದ್ದು, ಅದರಂತೆ ಕರ್ನಾಟಕ ವಿದ್ಯುತ್ ನಿಯಂತ್ರಣ ಆಯೋಗ ದರ ಹೆಚ್ಚಿಸಿದೆ. ಇದರಲ್ಲಿ ಸರ್ಕಾರದ ಪಾತ್ರವಿಲ್ಲ ಎಂದು ಸಚಿವ ಕೆ.ಜೆ. ಜಾರ್ಜ್ ಸ್ಪಷ್ಟಪಡಿಸಿದ್ದಾರೆ.
